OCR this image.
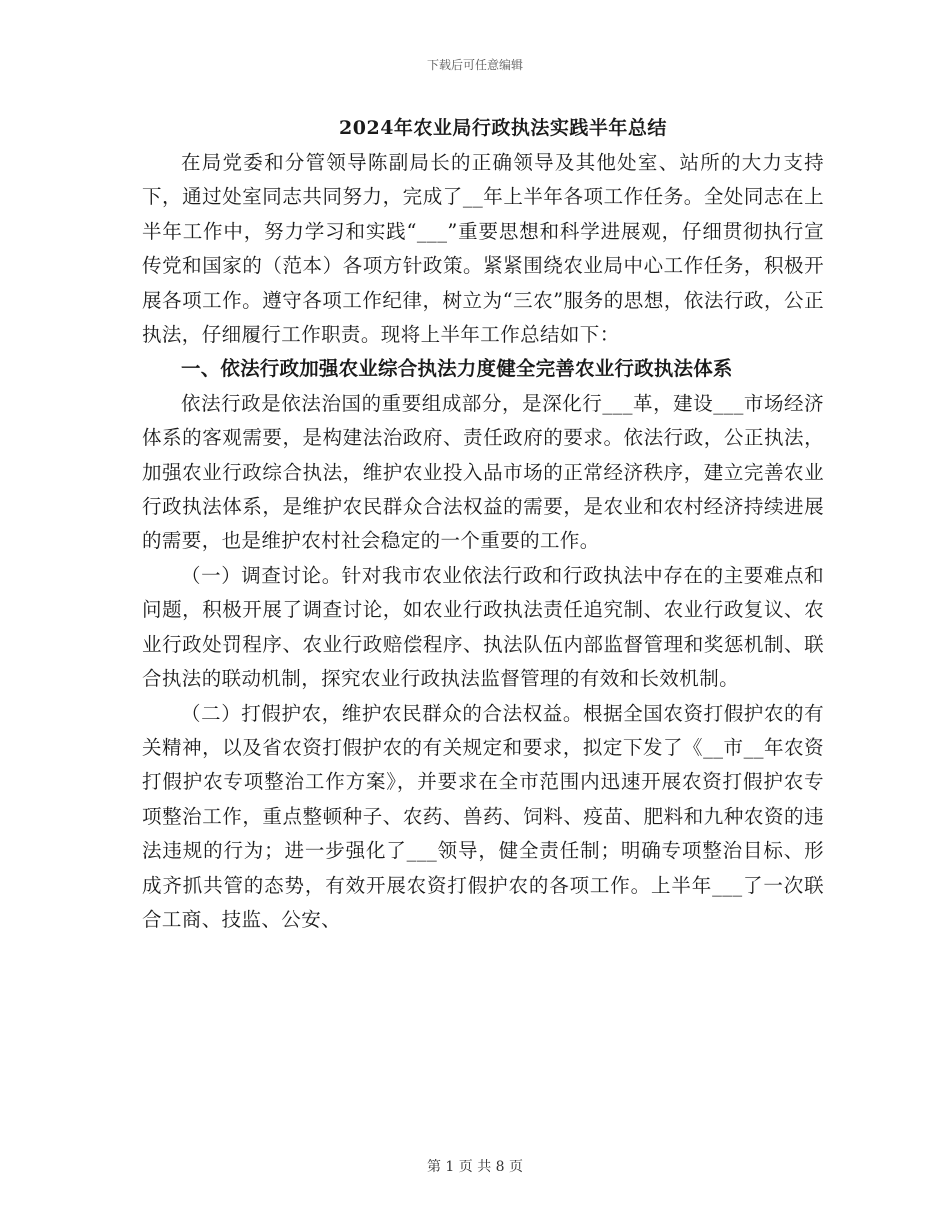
下载后可任意编辑
2024年农业局行政执法实践半年总结

在局党委和分管领导陈副局长的正确领导及其他处室、站所的大力支持下，通过处室同志共同努力，完成了__年上半年各项工作任务。全处同志在上半年工作中，努力学习和实践“___”重要思想和科学进展观，仔细贯彻执行宣传党和国家的（范本）各项方针政策。紧紧围绕农业局中心工作任务，积极开展各项工作。遵守各项工作纪律，树立为“三农”服务的思想，依法行政，公正执法，仔细履行工作职责。现将上半年工作总结如下：

一、依法行政加强农业综合执法力度健全完善农业行政执法体系

依法行政是依法治国的重要组成部分，是深化行___革，建设___市场经济体系的客观需要，是构建法治政府、责任政府的要求。依法行政，公正执法，加强农业行政综合执法，维护农业投入品市场的正常经济秩序，建立完善农业行政执法体系，是维护农民群众合法权益的需要，是农业和农村经济持续进展的需要，也是维护农村社会稳定的一个重要的工作。

（一）调查讨论。针对我市农业依法行政和行政执法中存在的主要难点和问题，积极开展了调查讨论，如农业行政执法责任追究制、农业行政复议、农业行政处罚程序、农业行政赔偿程序、执法队伍内部监督管理和奖惩机制、联合执法的联动机制，探究农业行政执法监督管理的有效和长效机制。

（二）打假护农，维护农民群众的合法权益。根据全国农资打假护农的有关精神，以及省农资打假护农的有关规定和要求，拟定下发了《__市__年农资打假护农专项整治工作方案》，并要求在全市范围内迅速开展农资打假护农专项整治工作，重点整顿种子、农药、兽药、饲料、疫苗、肥料和九种农资的违法违规的行为；进一步强化了___领导，健全责任制；明确专项整治目标、形成齐抓共管的态势，有效开展农资打假护农的各项工作。上半年___了一次联合工商、技监、公安、

第 1 页 共 8 页
